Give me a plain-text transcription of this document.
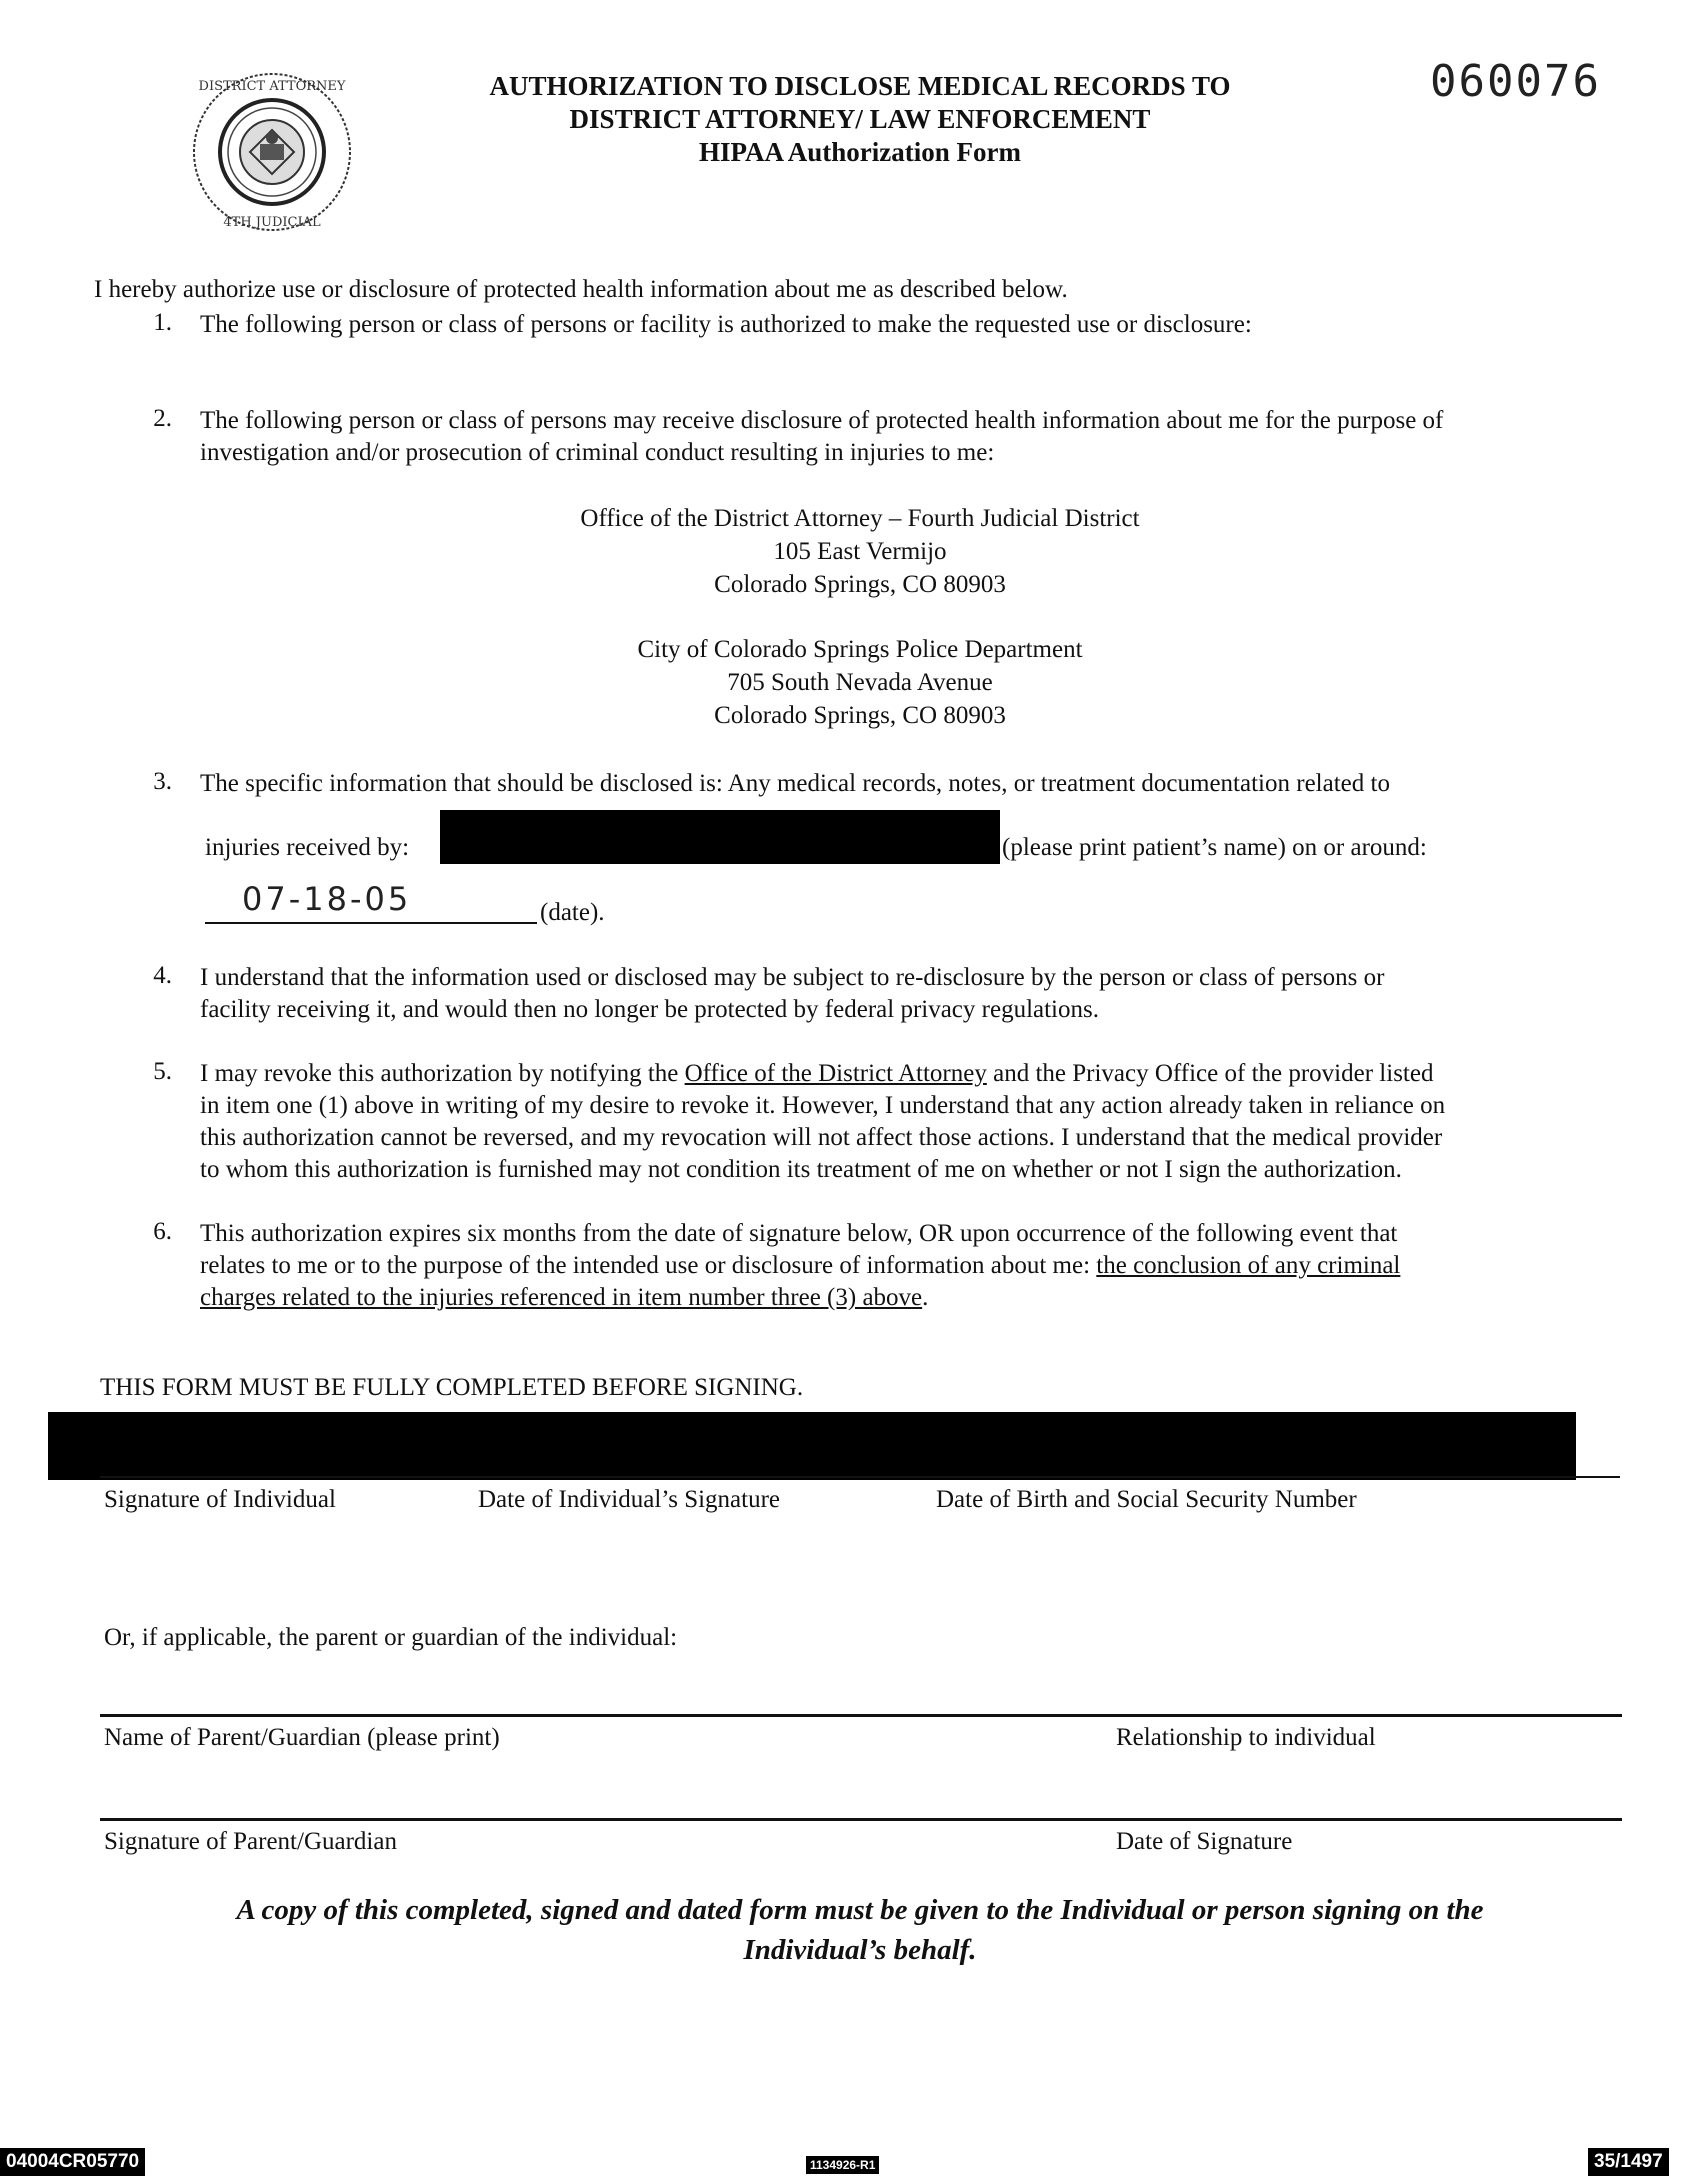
DISTRICT ATTORNEY
4TH JUDICIAL
AUTHORIZATION TO DISCLOSE MEDICAL RECORDS TO
DISTRICT ATTORNEY/ LAW ENFORCEMENT
HIPAA Authorization Form
060076
I hereby authorize use or disclosure of protected health information about me as described below.
1. The following person or class of persons or facility is authorized to make the requested use or disclosure:
2. The following person or class of persons may receive disclosure of protected health information about me for the purpose of
investigation and/or prosecution of criminal conduct resulting in injuries to me:
Office of the District Attorney – Fourth Judicial District
105 East Vermijo
Colorado Springs, CO 80903
City of Colorado Springs Police Department
705 South Nevada Avenue
Colorado Springs, CO 80903
3. The specific information that should be disclosed is: Any medical records, notes, or treatment documentation related to
injuries received by:	(please print patient’s name) on or around:
07-18-05	(date).
4. I understand that the information used or disclosed may be subject to re-disclosure by the person or class of persons or
facility receiving it, and would then no longer be protected by federal privacy regulations.
5. I may revoke this authorization by notifying the Office of the District Attorney and the Privacy Office of the provider listed
in item one (1) above in writing of my desire to revoke it. However, I understand that any action already taken in reliance on
this authorization cannot be reversed, and my revocation will not affect those actions. I understand that the medical provider
to whom this authorization is furnished may not condition its treatment of me on whether or not I sign the authorization.
6. This authorization expires six months from the date of signature below, OR upon occurrence of the following event that
relates to me or to the purpose of the intended use or disclosure of information about me: the conclusion of any criminal
charges related to the injuries referenced in item number three (3) above.
THIS FORM MUST BE FULLY COMPLETED BEFORE SIGNING.
Signature of Individual	Date of Individual’s Signature	Date of Birth and Social Security Number
Or, if applicable, the parent or guardian of the individual:
Name of Parent/Guardian (please print)	Relationship to individual
Signature of Parent/Guardian	Date of Signature
A copy of this completed, signed and dated form must be given to the Individual or person signing on the
Individual’s behalf.
04004CR05770	1134926-R1	35/1497
